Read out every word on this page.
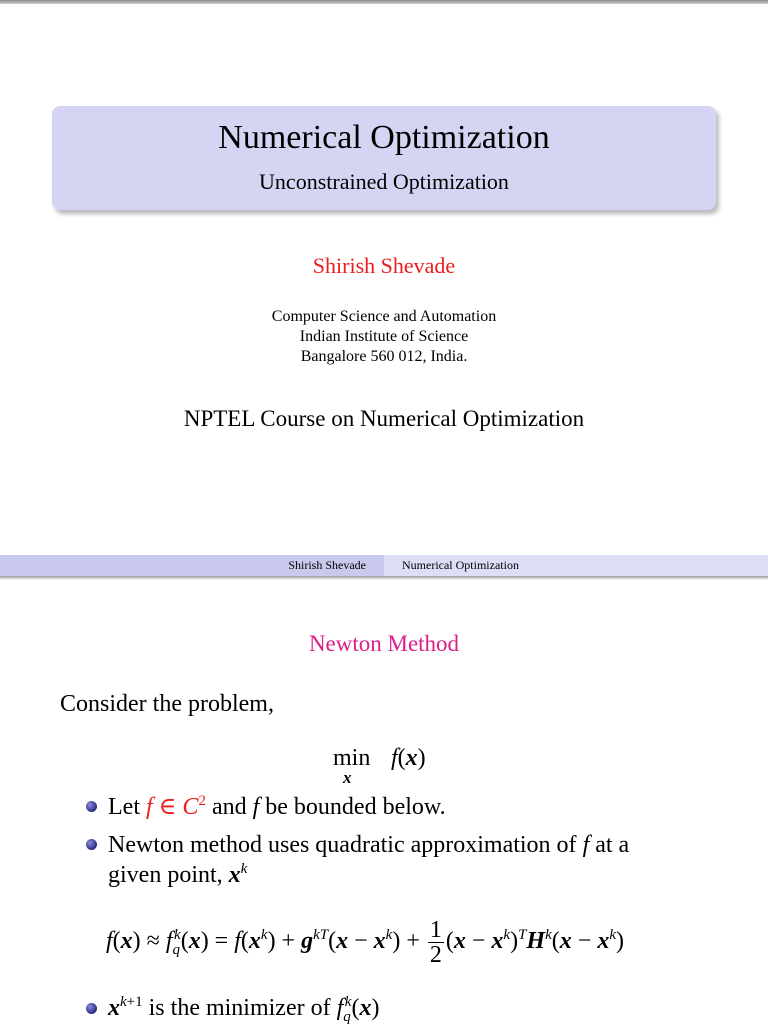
Numerical Optimization
Unconstrained Optimization
Shirish Shevade
Computer Science and Automation
Indian Institute of Science
Bangalore 560 012, India.
NPTEL Course on Numerical Optimization
Shirish Shevade	Numerical Optimization
Newton Method
Consider the problem,
min
x
f(x)
Let f ∈ $C^2$ and f be bounded below.
Newton method uses quadratic approximation of f at a
given point, $x^k$
$f(x) \approx f_q^k(x) = f(x^k) + g^{kT}(x - x^k) + \frac{1}{2} (x - x^k)^TH^k(x - x^k)$
$x^{k+1}$ is the minimizer of $f_q^k(x)$
